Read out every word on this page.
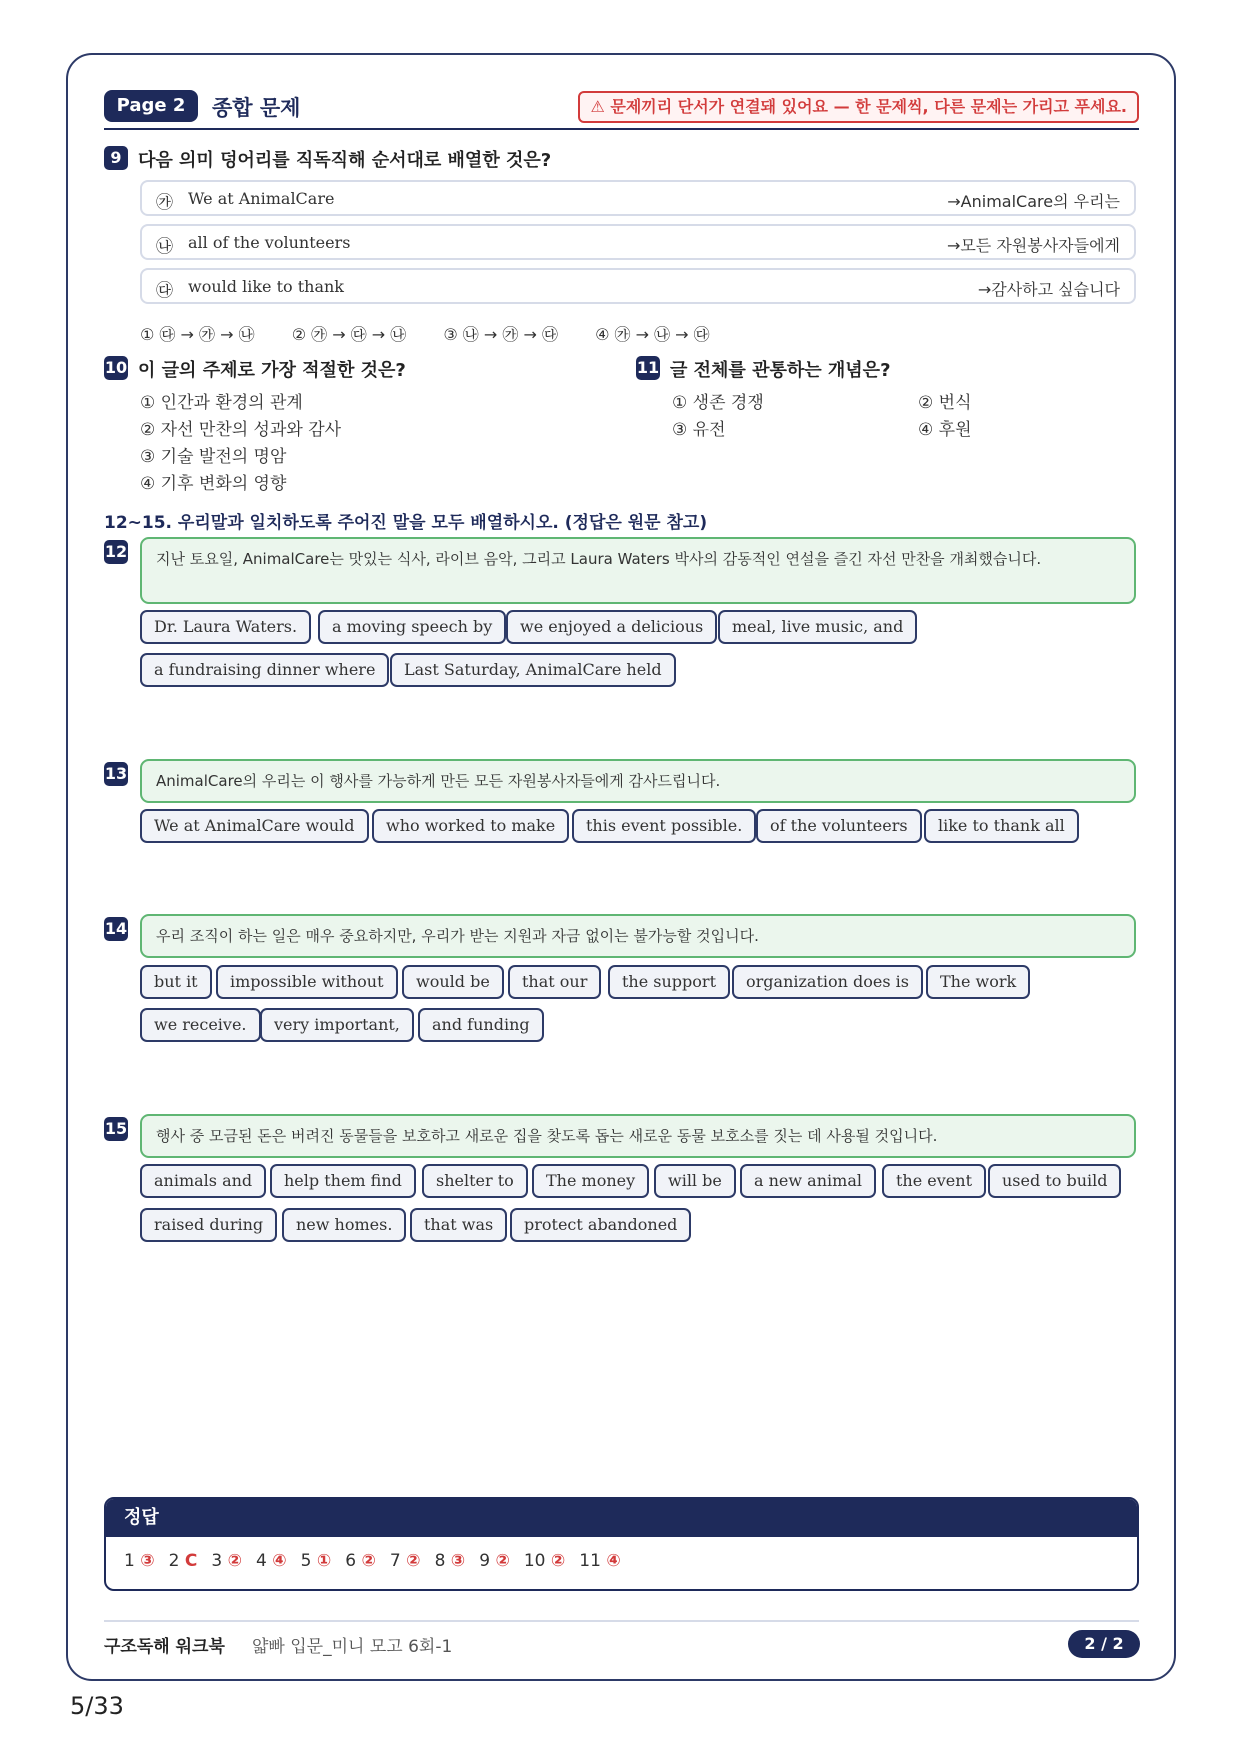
Page 2	종합 문제	⚠ 문제끼리 단서가 연결돼 있어요 — 한 문제씩, 다른 문제는 가리고 푸세요.
9 다음 의미 덩어리를 직독직해 순서대로 배열한 것은?
㉮ We at AnimalCare	→AnimalCare의 우리는
㉯ all of the volunteers	→모든 자원봉사자들에게
㉰ would like to thank	→감사하고 싶습니다
① ㉰ → ㉮ → ㉯ ② ㉮ → ㉰ → ㉯ ③ ㉯ → ㉮ → ㉰ ④ ㉮ → ㉯ → ㉰
10 이 글의 주제로 가장 적절한 것은?
① 인간과 환경의 관계
② 자선 만찬의 성과와 감사
③ 기술 발전의 명암
④ 기후 변화의 영향
11 글 전체를 관통하는 개념은?
① 생존 경쟁	② 번식
③ 유전	④ 후원
12~15. 우리말과 일치하도록 주어진 말을 모두 배열하시오. (정답은 원문 참고)
12	지난 토요일, AnimalCare는 맛있는 식사, 라이브 음악, 그리고 Laura Waters 박사의 감동적인 연설을 즐긴 자선 만찬을 개최했습니다.
Dr. Laura Waters.	a moving speech by	we enjoyed a delicious	meal, live music, and
a fundraising dinner where	Last Saturday, AnimalCare held
13	AnimalCare의 우리는 이 행사를 가능하게 만든 모든 자원봉사자들에게 감사드립니다.
We at AnimalCare would	who worked to make	this event possible.	of the volunteers	like to thank all
14	우리 조직이 하는 일은 매우 중요하지만, 우리가 받는 지원과 자금 없이는 불가능할 것입니다.
but it	impossible without	would be	that our	the support	organization does is	The work
we receive.	very important,	and funding
15	행사 중 모금된 돈은 버려진 동물들을 보호하고 새로운 집을 찾도록 돕는 새로운 동물 보호소를 짓는 데 사용될 것입니다.
animals and	help them find	shelter to	The money	will be	a new animal	the event	used to build
raised during	new homes.	that was	protect abandoned
정답
1 ③ 2 C 3 ② 4 ④ 5 ① 6 ② 7 ② 8 ③ 9 ② 10 ② 11 ④
구조독해 워크북 얇빠 입문_미니 모고 6회-1	2 / 2
5/33
